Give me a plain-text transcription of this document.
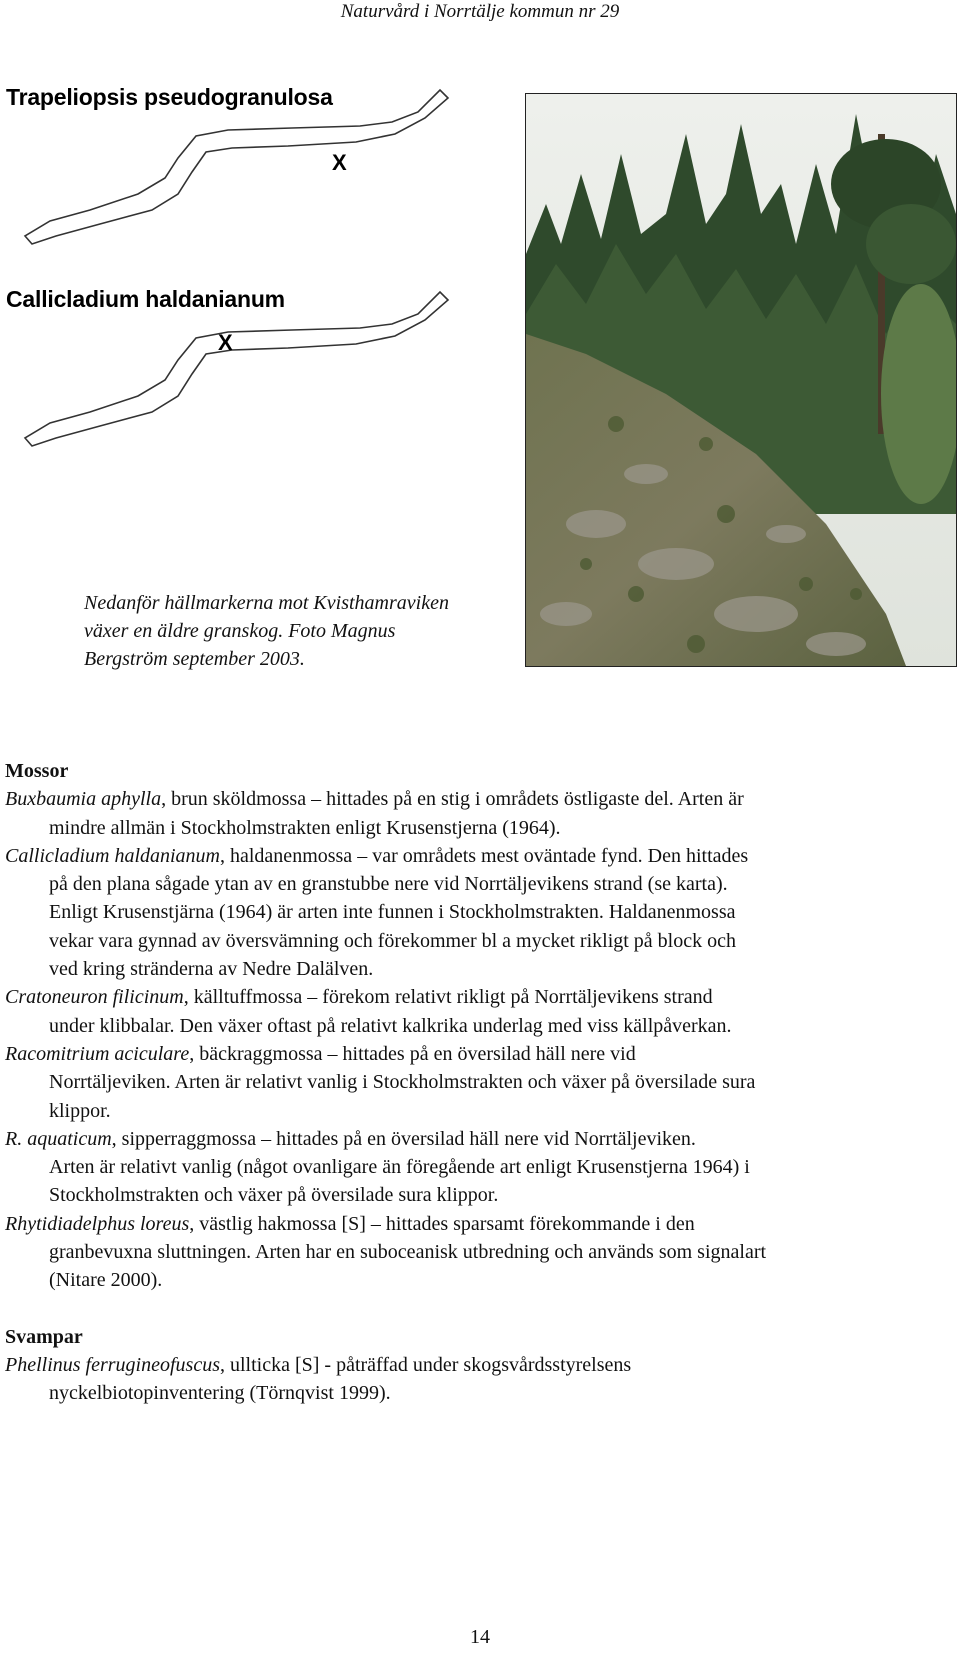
Naturvård i Norrtälje kommun nr 29
Trapeliopsis pseudogranulosa
X
Callicladium haldanianum
X
Nedanför hällmarkerna mot Kvisthamraviken
växer en äldre granskog. Foto Magnus
Bergström september 2003.

Mossor

Buxbaumia aphylla, brun sköldmossa – hittades på en stig i områdets östligaste del. Arten är
mindre allmän i Stockholmstrakten enligt Krusenstjerna (1964).

Callicladium haldanianum, haldanenmossa – var områdets mest oväntade fynd. Den hittades
på den plana sågade ytan av en granstubbe nere vid Norrtäljevikens strand (se karta).
Enligt Krusenstjärna (1964) är arten inte funnen i Stockholmstrakten. Haldanenmossa
vekar vara gynnad av översvämning och förekommer bl a mycket rikligt på block och
ved kring stränderna av Nedre Dalälven.

Cratoneuron filicinum, källtuffmossa – förekom relativt rikligt på Norrtäljevikens strand
under klibbalar. Den växer oftast på relativt kalkrika underlag med viss källpåverkan.

Racomitrium aciculare, bäckraggmossa – hittades på en översilad häll nere vid
Norrtäljeviken. Arten är relativt vanlig i Stockholmstrakten och växer på översilade sura
klippor.

R. aquaticum, sipperraggmossa – hittades på en översilad häll nere vid Norrtäljeviken.
Arten är relativt vanlig (något ovanligare än föregående art enligt Krusenstjerna 1964) i
Stockholmstrakten och växer på översilade sura klippor.

Rhytidiadelphus loreus, västlig hakmossa [S] – hittades sparsamt förekommande i den
granbevuxna sluttningen. Arten har en suboceanisk utbredning och används som signalart
(Nitare 2000).

Svampar

Phellinus ferrugineofuscus, ullticka [S] - påträffad under skogsvårdsstyrelsens
nyckelbiotopinventering (Törnqvist 1999).

14
